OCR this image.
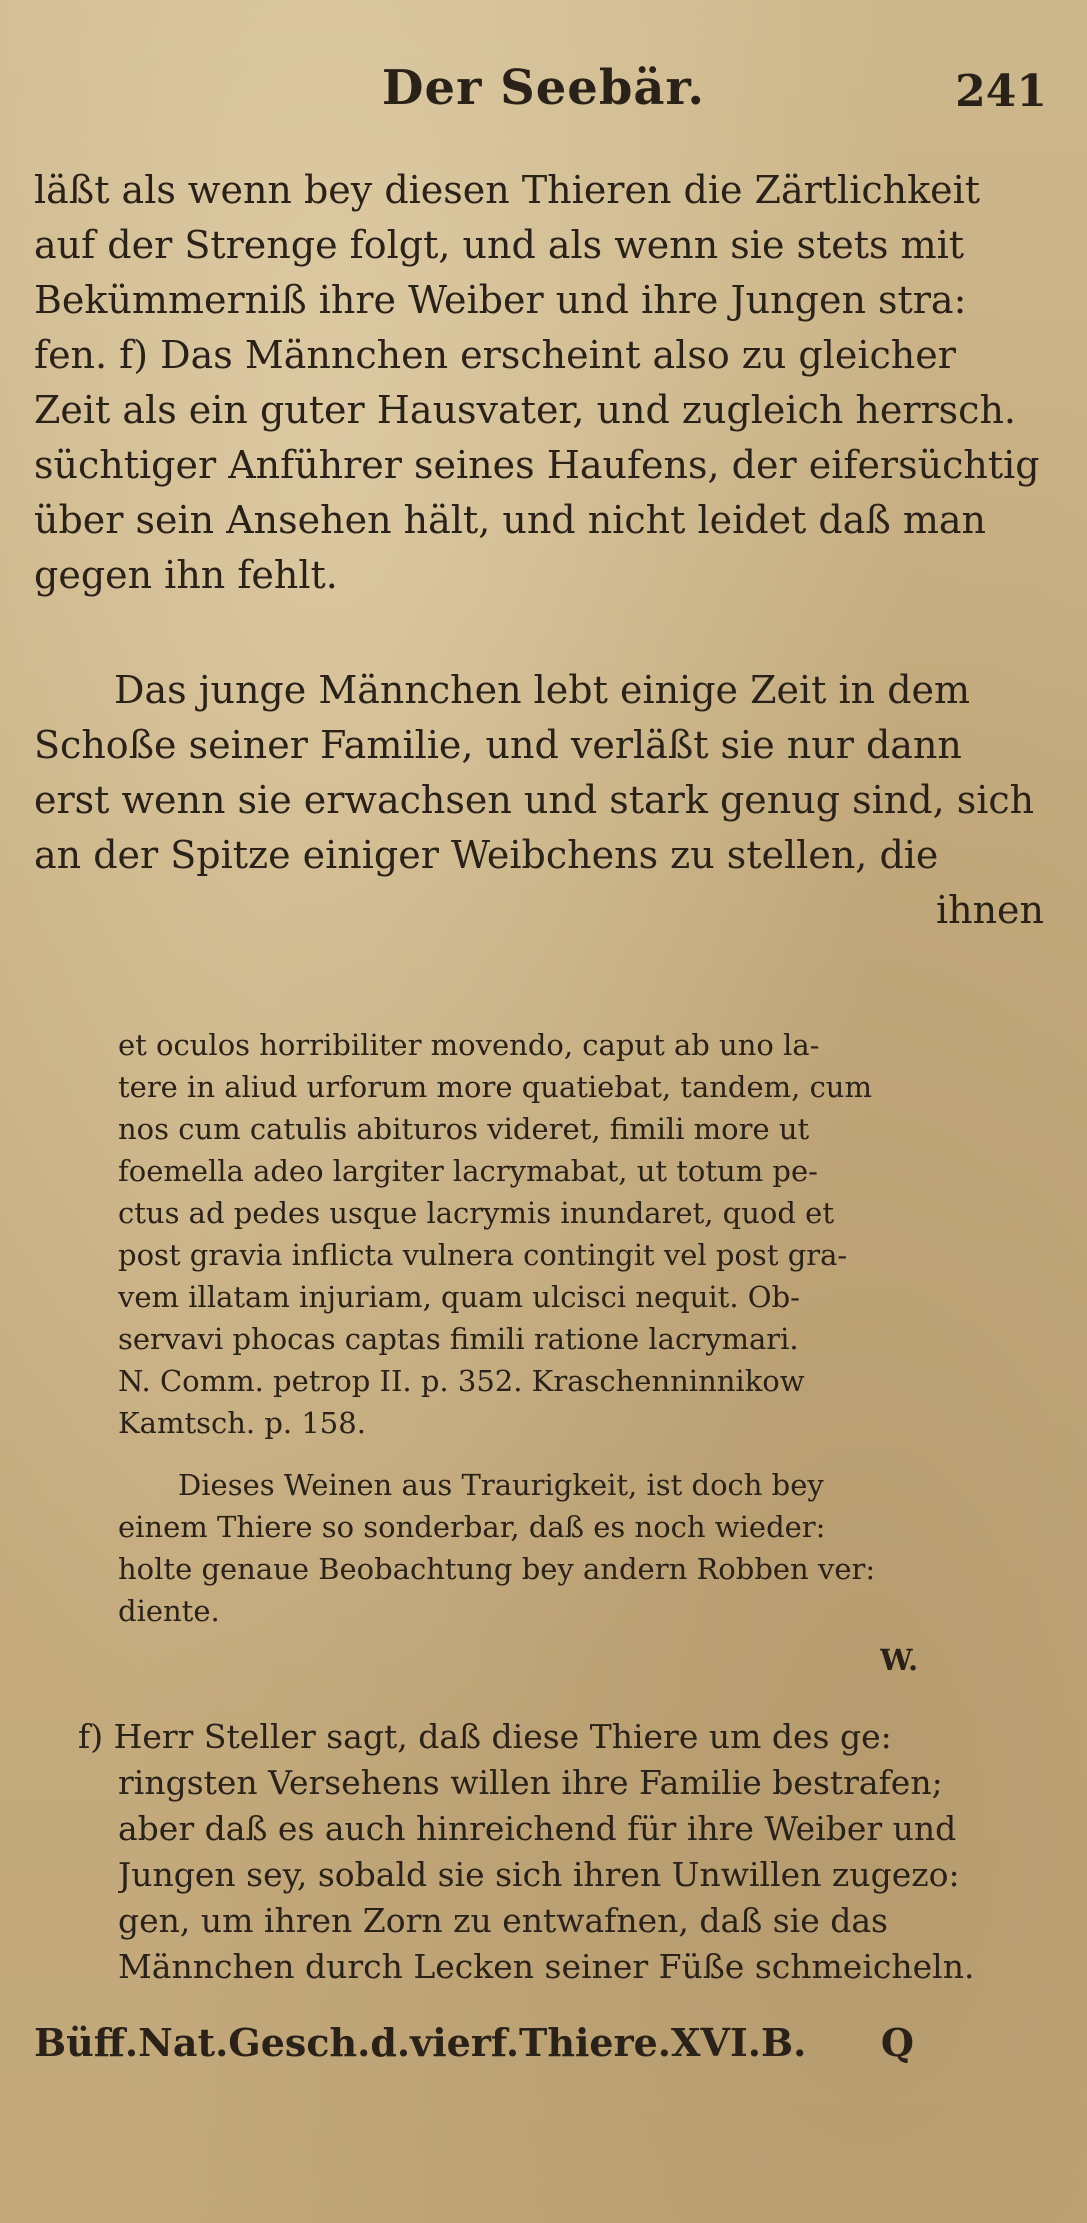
Der Seebär.	241
läßt als wenn bey diesen Thieren die Zärtlichkeit
auf der Strenge folgt, und als wenn sie stets mit
Bekümmerniß ihre Weiber und ihre Jungen stra:
fen. f) Das Männchen erscheint also zu gleicher
Zeit als ein guter Hausvater, und zugleich herrsch.
süchtiger Anführer seines Haufens, der eifersüchtig
über sein Ansehen hält, und nicht leidet daß man
gegen ihn fehlt.
Das junge Männchen lebt einige Zeit in dem
Schoße seiner Familie, und verläßt sie nur dann
erst wenn sie erwachsen und stark genug sind, sich
an der Spitze einiger Weibchens zu stellen, die
ihnen
et oculos horribiliter movendo, caput ab uno la-
tere in aliud urforum more quatiebat, tandem, cum
nos cum catulis abituros videret, fimili more ut
foemella adeo largiter lacrymabat, ut totum pe-
ctus ad pedes usque lacrymis inundaret, quod et
post gravia inflicta vulnera contingit vel post gra-
vem illatam injuriam, quam ulcisci nequit. Ob-
servavi phocas captas fimili ratione lacrymari.
N. Comm. petrop II. p. 352. Kraschenninnikow
Kamtsch. p. 158.
Dieses Weinen aus Traurigkeit, ist doch bey
einem Thiere so sonderbar, daß es noch wieder:
holte genaue Beobachtung bey andern Robben ver:
diente.
W.
f) Herr Steller sagt, daß diese Thiere um des ge:
ringsten Versehens willen ihre Familie bestrafen;
aber daß es auch hinreichend für ihre Weiber und
Jungen sey, sobald sie sich ihren Unwillen zugezo:
gen, um ihren Zorn zu entwafnen, daß sie das
Männchen durch Lecken seiner Füße schmeicheln.
Büff.Nat.Gesch.d.vierf.Thiere.XVI.B. Q
